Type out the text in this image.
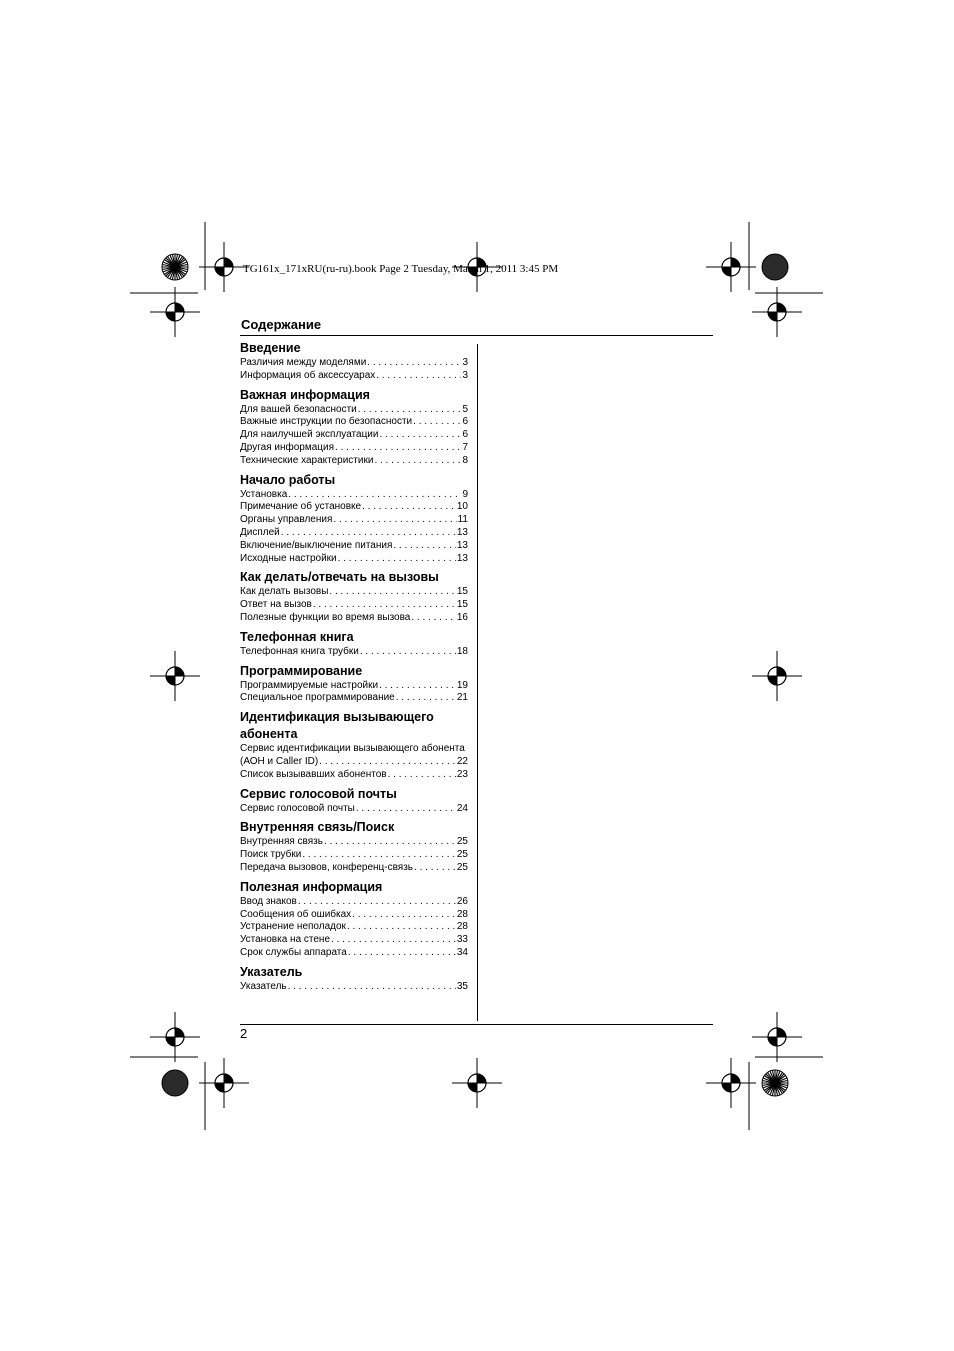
TG161x_171xRU(ru-ru).book Page 2 Tuesday, March 1, 2011 3:45 PM
Содержание
Введение
Различия между моделями . . .	3
Информация об аксессуарах . . .	3
Важная информация
Для вашей безопасности . . .	5
Важные инструкции по безопасности . . .	6
Для наилучшей эксплуатации . . .	6
Другая информация . . .	7
Технические характеристики . . .	8
Начало работы
Установка . . .	9
Примечание об установке . . .	10
Органы управления . . .	11
Дисплей . . .	13
Включение/выключение питания . . .	13
Исходные настройки . . .	13
Как делать/отвечать на вызовы
Как делать вызовы . . .	15
Ответ на вызов . . .	15
Полезные функции во время вызова . . .	16
Телефонная книга
Телефонная книга трубки . . .	18
Программирование
Программируемые настройки . . .	19
Специальное программирование . . .	21
Идентификация вызывающего
абонента
Сервис идентификации вызывающего абонента
(АОН и Caller ID) . . .	22
Список вызывавших абонентов . . .	23
Сервис голосовой почты
Сервис голосовой почты . . .	24
Внутренняя связь/Поиск
Внутренняя связь . . .	25
Поиск трубки . . .	25
Передача вызовов, конференц-связь . . .	25
Полезная информация
Ввод знаков . . .	26
Сообщения об ошибках . . .	28
Устранение неполадок . . .	28
Установка на стене . . .	33
Срок службы аппарата . . .	34
Указатель
Указатель . . .	35
2
